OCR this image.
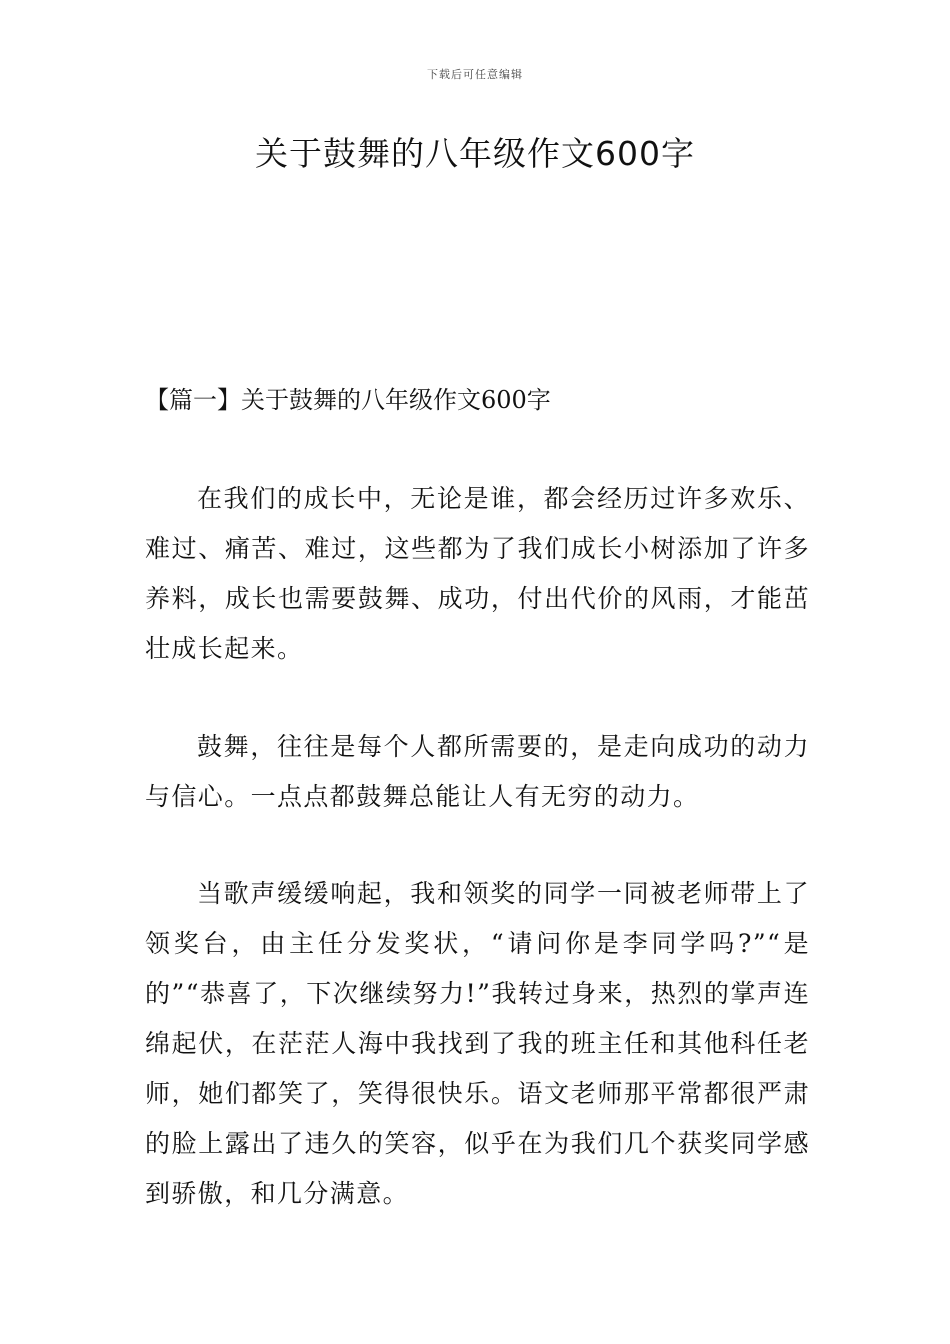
下载后可任意编辑
关于鼓舞的八年级作文600字
【篇一】关于鼓舞的八年级作文600字

在我们的成长中，无论是谁，都会经历过许多欢乐、难过、痛苦、难过，这些都为了我们成长小树添加了许多养料，成长也需要鼓舞、成功，付出代价的风雨，才能茁壮成长起来。

鼓舞，往往是每个人都所需要的，是走向成功的动力与信心。一点点都鼓舞总能让人有无穷的动力。

当歌声缓缓响起，我和领奖的同学一同被老师带上了领奖台，由主任分发奖状，“请问你是李同学吗?”“是的”“恭喜了，下次继续努力!”我转过身来，热烈的掌声连绵起伏，在茫茫人海中我找到了我的班主任和其他科任老师，她们都笑了，笑得很快乐。语文老师那平常都很严肃的脸上露出了违久的笑容，似乎在为我们几个获奖同学感到骄傲，和几分满意。
